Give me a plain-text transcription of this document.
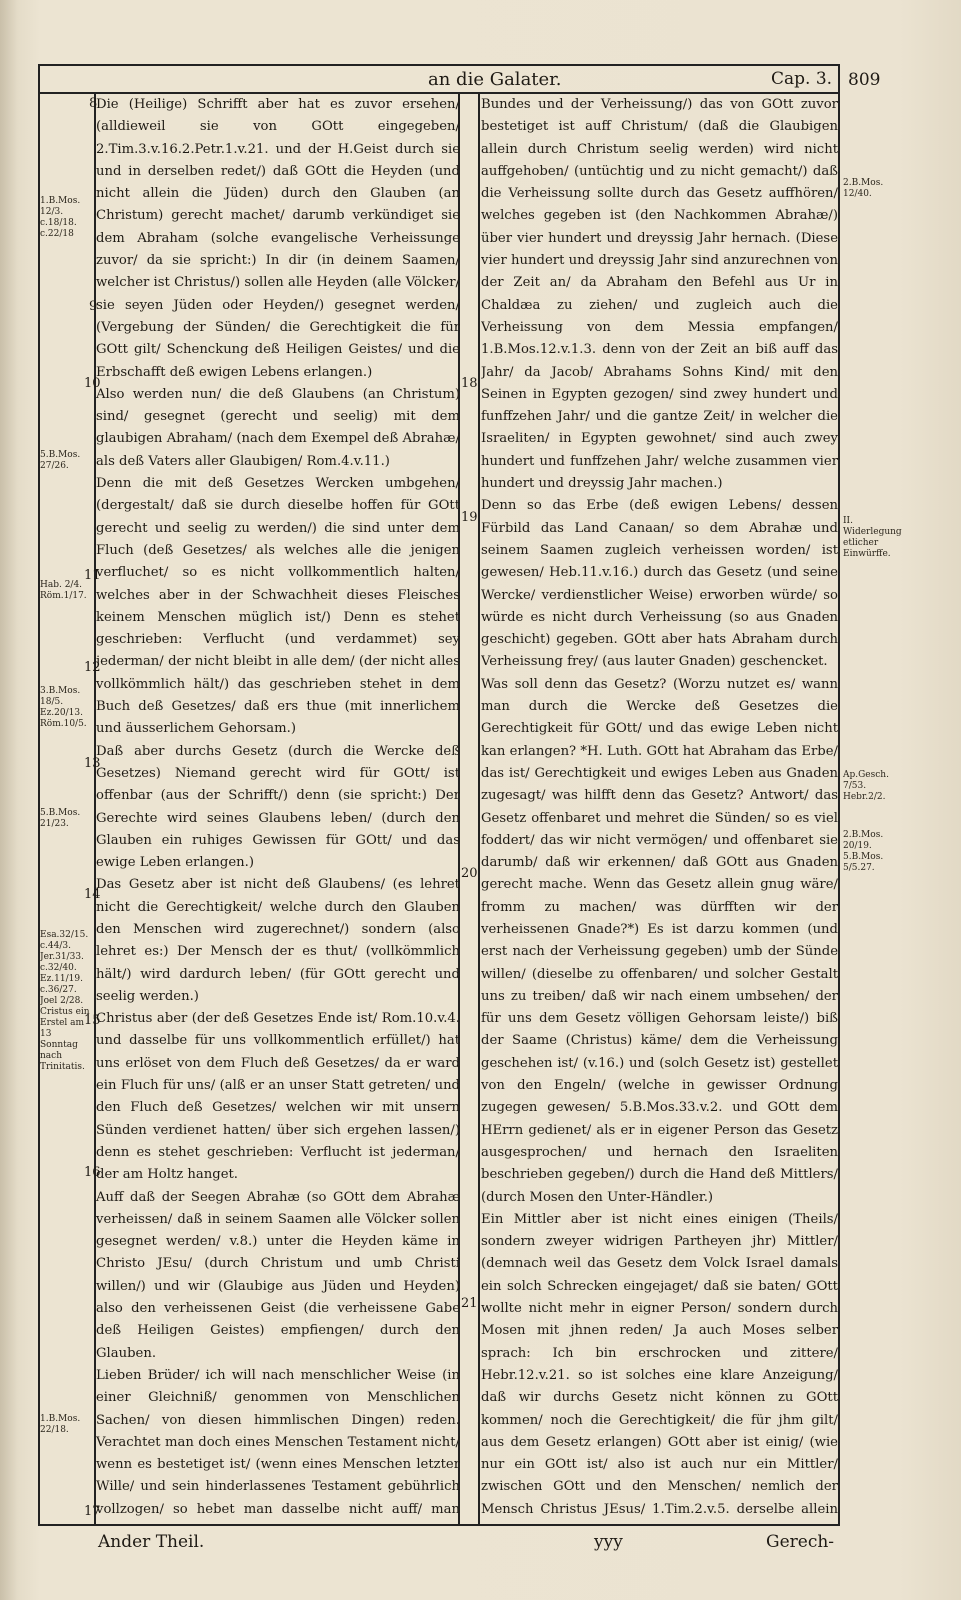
an die Galater.	Cap. 3. 809
8
9
10
11
12
13
14
15
16
17
18
19
20
21

Die (Heilige) Schrifft aber hat es zuvor ersehen/ (alldieweil sie von GOtt eingegeben/ 2.Tim.3.v.16.2.Petr.1.v.21. und der H.Geist durch sie und in derselben redet/) daß GOtt die Heyden (und nicht allein die Jüden) durch den Glauben (an Christum) gerecht machet/ darumb verkündiget sie dem Abraham (solche evangelische Verheissunge zuvor/ da sie spricht:) In dir (in deinem Saamen/ welcher ist Christus/) sollen alle Heyden (alle Völcker/ sie seyen Jüden oder Heyden/) gesegnet werden/ (Vergebung der Sünden/ die Gerechtigkeit die für GOtt gilt/ Schenckung deß Heiligen Geistes/ und die Erbschafft deß ewigen Lebens erlangen.)

Also werden nun/ die deß Glaubens (an Christum) sind/ gesegnet (gerecht und seelig) mit dem glaubigen Abraham/ (nach dem Exempel deß Abrahæ/ als deß Vaters aller Glaubigen/ Rom.4.v.11.)

Denn die mit deß Gesetzes Wercken umbgehen/ (dergestalt/ daß sie durch dieselbe hoffen für GOtt gerecht und seelig zu werden/) die sind unter dem Fluch (deß Gesetzes/ als welches alle die jenigen verfluchet/ so es nicht vollkommentlich halten/ welches aber in der Schwachheit dieses Fleisches keinem Menschen müglich ist/) Denn es stehet geschrieben: Verflucht (und verdammet) sey jederman/ der nicht bleibt in alle dem/ (der nicht alles vollkömmlich hält/) das geschrieben stehet in dem Buch deß Gesetzes/ daß ers thue (mit innerlichem und äusserlichem Gehorsam.)

Daß aber durchs Gesetz (durch die Wercke deß Gesetzes) Niemand gerecht wird für GOtt/ ist offenbar (aus der Schrifft/) denn (sie spricht:) Der Gerechte wird seines Glaubens leben/ (durch den Glauben ein ruhiges Gewissen für GOtt/ und das ewige Leben erlangen.)

Das Gesetz aber ist nicht deß Glaubens/ (es lehret nicht die Gerechtigkeit/ welche durch den Glauben den Menschen wird zugerechnet/) sondern (also lehret es:) Der Mensch der es thut/ (vollkömmlich hält/) wird dardurch leben/ (für GOtt gerecht und seelig werden.)

Christus aber (der deß Gesetzes Ende ist/ Rom.10.v.4. und dasselbe für uns vollkommentlich erfüllet/) hat uns erlöset von dem Fluch deß Gesetzes/ da er ward ein Fluch für uns/ (alß er an unser Statt getreten/ und den Fluch deß Gesetzes/ welchen wir mit unsern Sünden verdienet hatten/ über sich ergehen lassen/) denn es stehet geschrieben: Verflucht ist jederman/ der am Holtz hanget.

Auff daß der Seegen Abrahæ (so GOtt dem Abrahæ verheissen/ daß in seinem Saamen alle Völcker sollen gesegnet werden/ v.8.) unter die Heyden käme in Christo JEsu/ (durch Christum und umb Christi willen/) und wir (Glaubige aus Jüden und Heyden) also den verheissenen Geist (die verheissene Gabe deß Heiligen Geistes) empfiengen/ durch den Glauben.

Lieben Brüder/ ich will nach menschlicher Weise (in einer Gleichniß/ genommen von Menschlichen Sachen/ von diesen himmlischen Dingen) reden. Verachtet man doch eines Menschen Testament nicht/ wenn es bestetiget ist/ (wenn eines Menschen letzter Wille/ und sein hinderlassenes Testament gebührlich vollzogen/ so hebet man dasselbe nicht auff/ man

Bundes und der Verheissung/) das von GOtt zuvor bestetiget ist auff Christum/ (daß die Glaubigen allein durch Christum seelig werden) wird nicht auffgehoben/ (untüchtig und zu nicht gemacht/) daß die Verheissung sollte durch das Gesetz auffhören/ welches gegeben ist (den Nachkommen Abrahæ/) über vier hundert und dreyssig Jahr hernach. (Diese vier hundert und dreyssig Jahr sind anzurechnen von der Zeit an/ da Abraham den Befehl aus Ur in Chaldæa zu ziehen/ und zugleich auch die Verheissung von dem Messia empfangen/ 1.B.Mos.12.v.1.3. denn von der Zeit an biß auff das Jahr/ da Jacob/ Abrahams Sohns Kind/ mit den Seinen in Egypten gezogen/ sind zwey hundert und funffzehen Jahr/ und die gantze Zeit/ in welcher die Israeliten/ in Egypten gewohnet/ sind auch zwey hundert und funffzehen Jahr/ welche zusammen vier hundert und dreyssig Jahr machen.)

Denn so das Erbe (deß ewigen Lebens/ dessen Fürbild das Land Canaan/ so dem Abrahæ und seinem Saamen zugleich verheissen worden/ ist gewesen/ Heb.11.v.16.) durch das Gesetz (und seine Wercke/ verdienstlicher Weise) erworben würde/ so würde es nicht durch Verheissung (so aus Gnaden geschicht) gegeben. GOtt aber hats Abraham durch Verheissung frey/ (aus lauter Gnaden) geschencket.

Was soll denn das Gesetz? (Worzu nutzet es/ wann man durch die Wercke deß Gesetzes die Gerechtigkeit für GOtt/ und das ewige Leben nicht kan erlangen? *H. Luth. GOtt hat Abraham das Erbe/ das ist/ Gerechtigkeit und ewiges Leben aus Gnaden zugesagt/ was hilfft denn das Gesetz? Antwort/ das Gesetz offenbaret und mehret die Sünden/ so es viel foddert/ das wir nicht vermögen/ und offenbaret sie darumb/ daß wir erkennen/ daß GOtt aus Gnaden gerecht mache. Wenn das Gesetz allein gnug wäre/ fromm zu machen/ was dürfften wir der verheissenen Gnade?*) Es ist darzu kommen (und erst nach der Verheissung gegeben) umb der Sünde willen/ (dieselbe zu offenbaren/ und solcher Gestalt uns zu treiben/ daß wir nach einem umbsehen/ der für uns dem Gesetz völligen Gehorsam leiste/) biß der Saame (Christus) käme/ dem die Verheissung geschehen ist/ (v.16.) und (solch Gesetz ist) gestellet von den Engeln/ (welche in gewisser Ordnung zugegen gewesen/ 5.B.Mos.33.v.2. und GOtt dem HErrn gedienet/ als er in eigener Person das Gesetz ausgesprochen/ und hernach den Israeliten beschrieben gegeben/) durch die Hand deß Mittlers/ (durch Mosen den Unter-Händler.)

Ein Mittler aber ist nicht eines einigen (Theils/ sondern zweyer widrigen Partheyen jhr) Mittler/ (demnach weil das Gesetz dem Volck Israel damals ein solch Schrecken eingejaget/ daß sie baten/ GOtt wollte nicht mehr in eigner Person/ sondern durch Mosen mit jhnen reden/ Ja auch Moses selber sprach: Ich bin erschrocken und zittere/ Hebr.12.v.21. so ist solches eine klare Anzeigung/ daß wir durchs Gesetz nicht können zu GOtt kommen/ noch die Gerechtigkeit/ die für jhm gilt/ aus dem Gesetz erlangen) GOtt aber ist einig/ (wie nur ein GOtt ist/ also ist auch nur ein Mittler/ zwischen GOtt und den Menschen/ nemlich der Mensch Christus JEsus/ 1.Tim.2.v.5. derselbe allein

1.B.Mos. 12/3. c.18/18. c.22/18
5.B.Mos. 27/26.
Hab. 2/4. Röm.1/17.
3.B.Mos. 18/5. Ez.20/13. Röm.10/5.
5.B.Mos. 21/23.
Esa.32/15. c.44/3. Jer.31/33. c.32/40. Ez.11/19. c.36/27. Joel 2/28. Cristus ein Erstel am 13 Sonntag nach Trinitatis.
1.B.Mos. 22/18.
2.B.Mos. 12/40.
II. Widerlegung etlicher Einwürffe.
Ap.Gesch. 7/53. Hebr.2/2.
2.B.Mos. 20/19. 5.B.Mos. 5/5.27.
Ander Theil.	yyy	Gerech-
